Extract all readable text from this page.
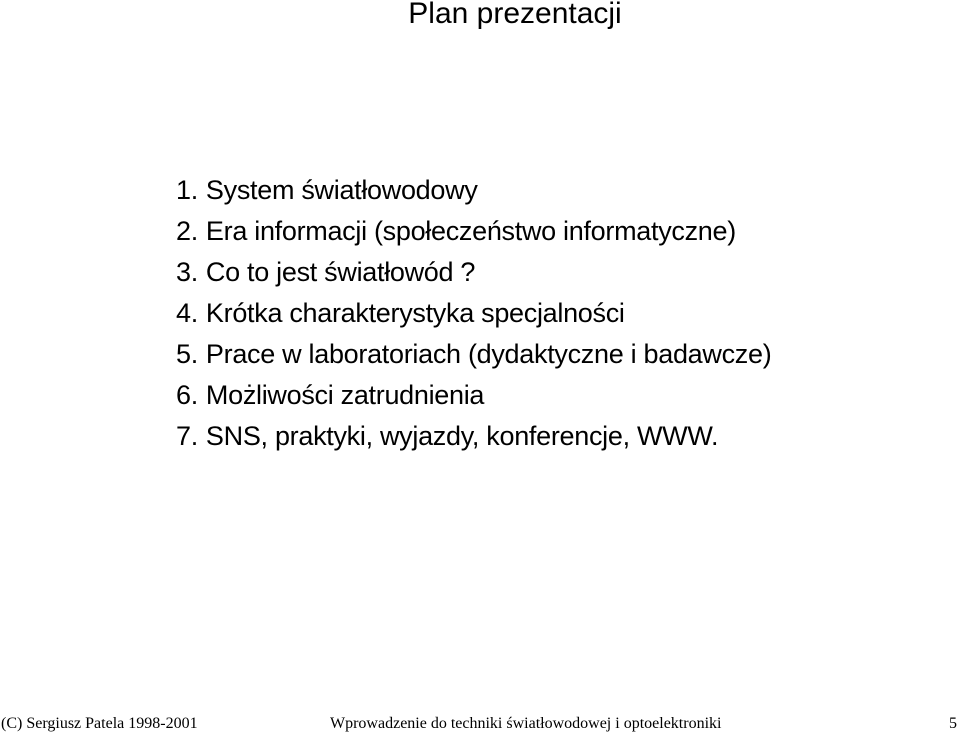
Plan prezentacji
1. System światłowodowy
2. Era informacji (społeczeństwo informatyczne)
3. Co to jest światłowód ?
4. Krótka charakterystyka specjalności
5. Prace w laboratoriach (dydaktyczne i badawcze)
6. Możliwości zatrudnienia
7. SNS, praktyki, wyjazdy, konferencje, WWW.
(C) Sergiusz Patela 1998-2001	Wprowadzenie do techniki światłowodowej i optoelektroniki	5
